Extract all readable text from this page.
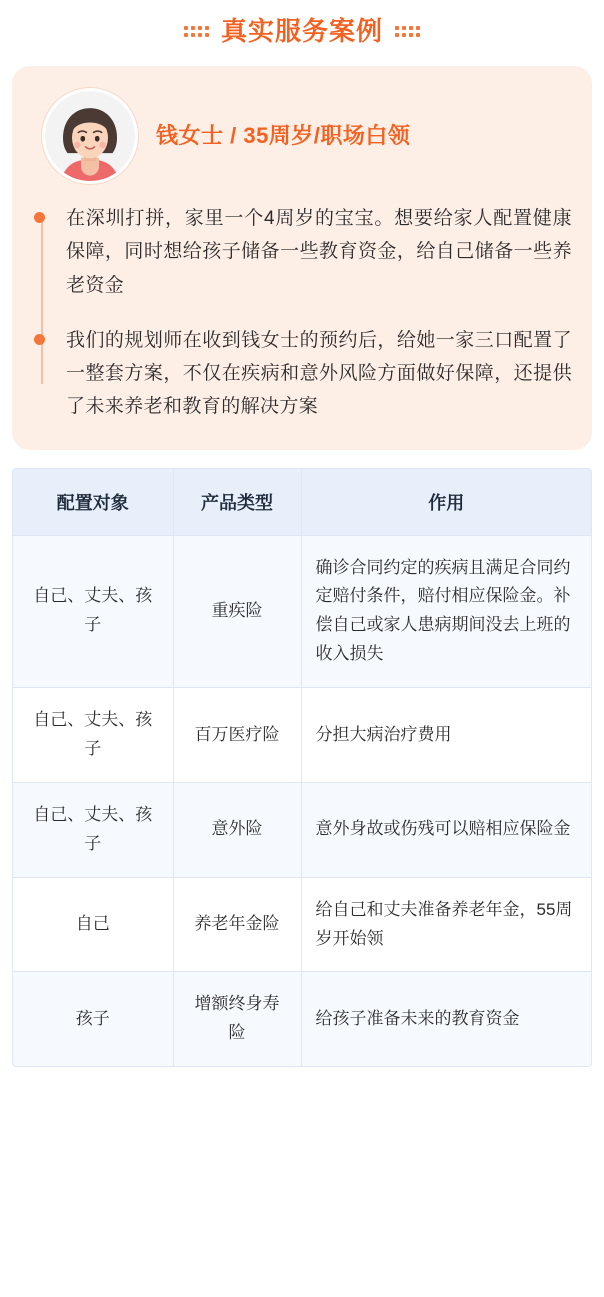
真实服务案例
钱女士 / 35周岁/职场白领

在深圳打拼，家里一个4周岁的宝宝。想要给家人配置健康保障，同时想给孩子储备一些教育资金，给自己储备一些养老资金

我们的规划师在收到钱女士的预约后，给她一家三口配置了一整套方案，不仅在疾病和意外风险方面做好保障，还提供了未来养老和教育的解决方案

配置对象	产品类型	作用
自己、丈夫、孩子	重疾险	确诊合同约定的疾病且满足合同约定赔付条件，赔付相应保险金。补偿自己或家人患病期间没去上班的收入损失
自己、丈夫、孩子	百万医疗险	分担大病治疗费用
自己、丈夫、孩子	意外险	意外身故或伤残可以赔相应保险金
自己	养老年金险	给自己和丈夫准备养老年金，55周岁开始领
孩子	增额终身寿险	给孩子准备未来的教育资金
